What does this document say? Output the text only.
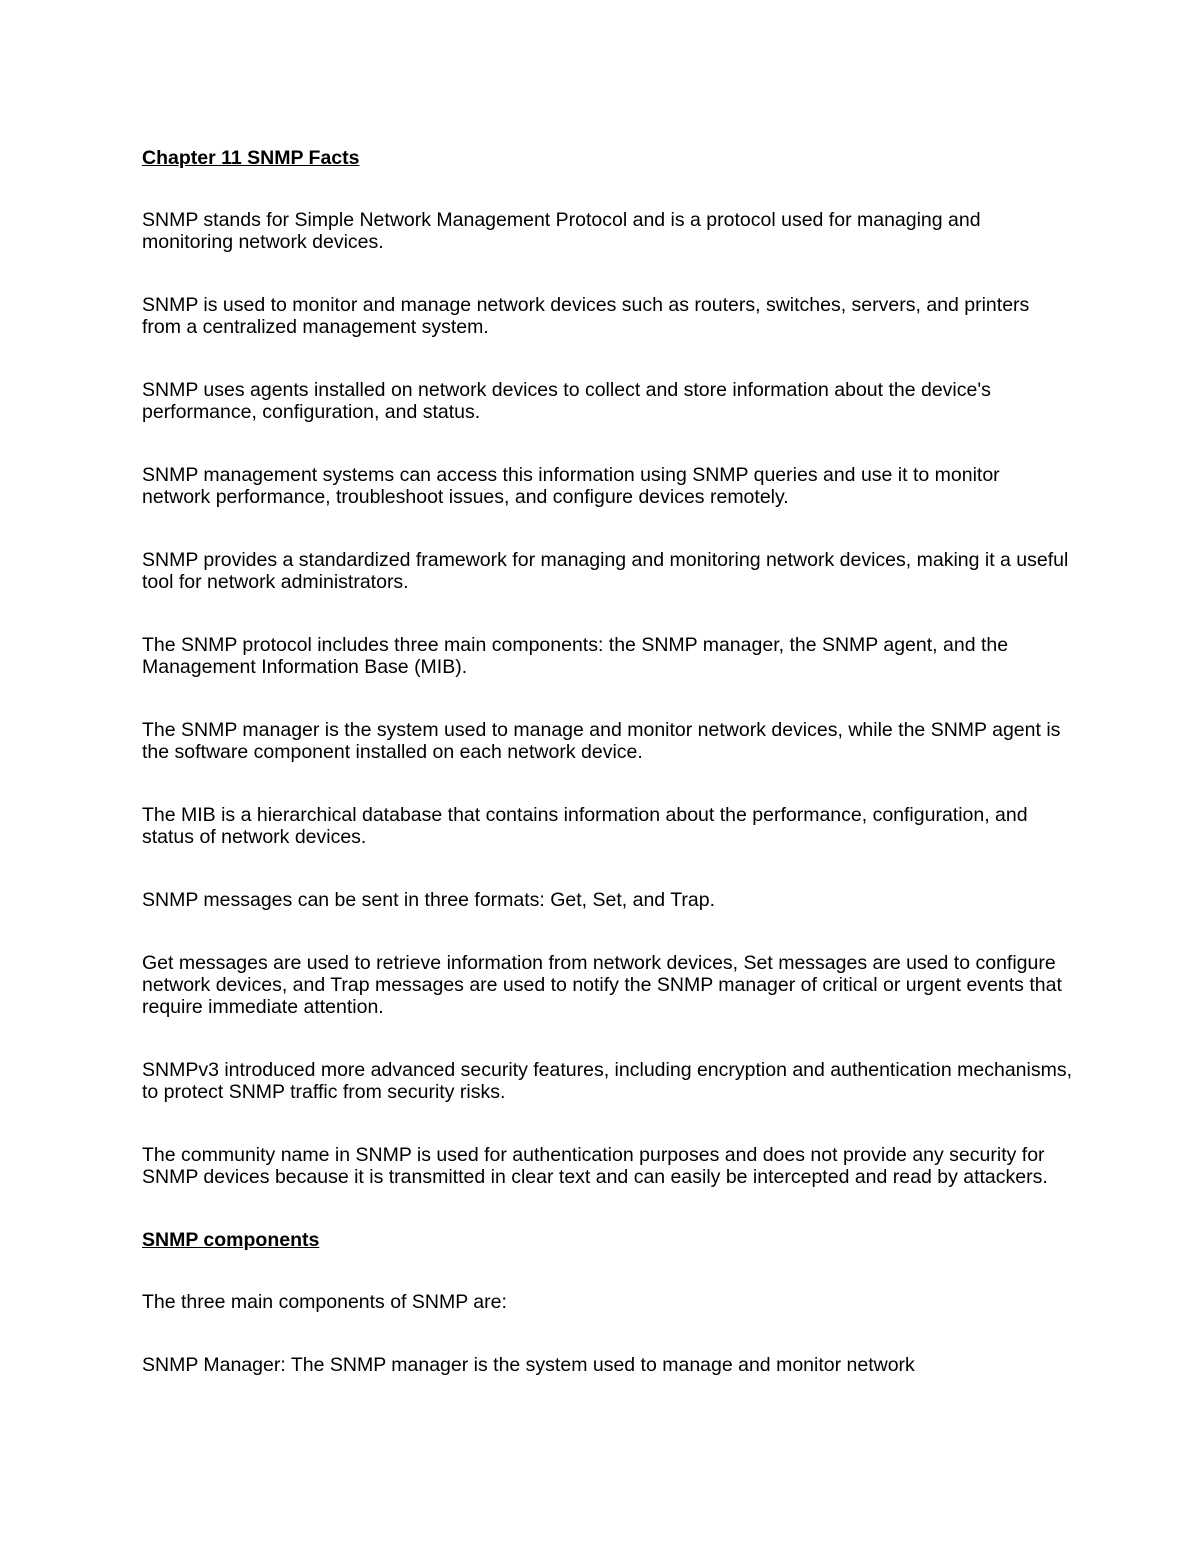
Chapter 11 SNMP Facts
SNMP stands for Simple Network Management Protocol and is a protocol used for managing and monitoring network devices.
SNMP is used to monitor and manage network devices such as routers, switches, servers, and printers from a centralized management system.
SNMP uses agents installed on network devices to collect and store information about the device's performance, configuration, and status.
SNMP management systems can access this information using SNMP queries and use it to monitor network performance, troubleshoot issues, and configure devices remotely.
SNMP provides a standardized framework for managing and monitoring network devices, making it a useful tool for network administrators.
The SNMP protocol includes three main components: the SNMP manager, the SNMP agent, and the Management Information Base (MIB).
The SNMP manager is the system used to manage and monitor network devices, while the SNMP agent is the software component installed on each network device.
The MIB is a hierarchical database that contains information about the performance, configuration, and status of network devices.
SNMP messages can be sent in three formats: Get, Set, and Trap.
Get messages are used to retrieve information from network devices, Set messages are used to configure network devices, and Trap messages are used to notify the SNMP manager of critical or urgent events that require immediate attention.
SNMPv3 introduced more advanced security features, including encryption and authentication mechanisms, to protect SNMP traffic from security risks.
The community name in SNMP is used for authentication purposes and does not provide any security for SNMP devices because it is transmitted in clear text and can easily be intercepted and read by attackers.
SNMP components
The three main components of SNMP are:
SNMP Manager: The SNMP manager is the system used to manage and monitor network
